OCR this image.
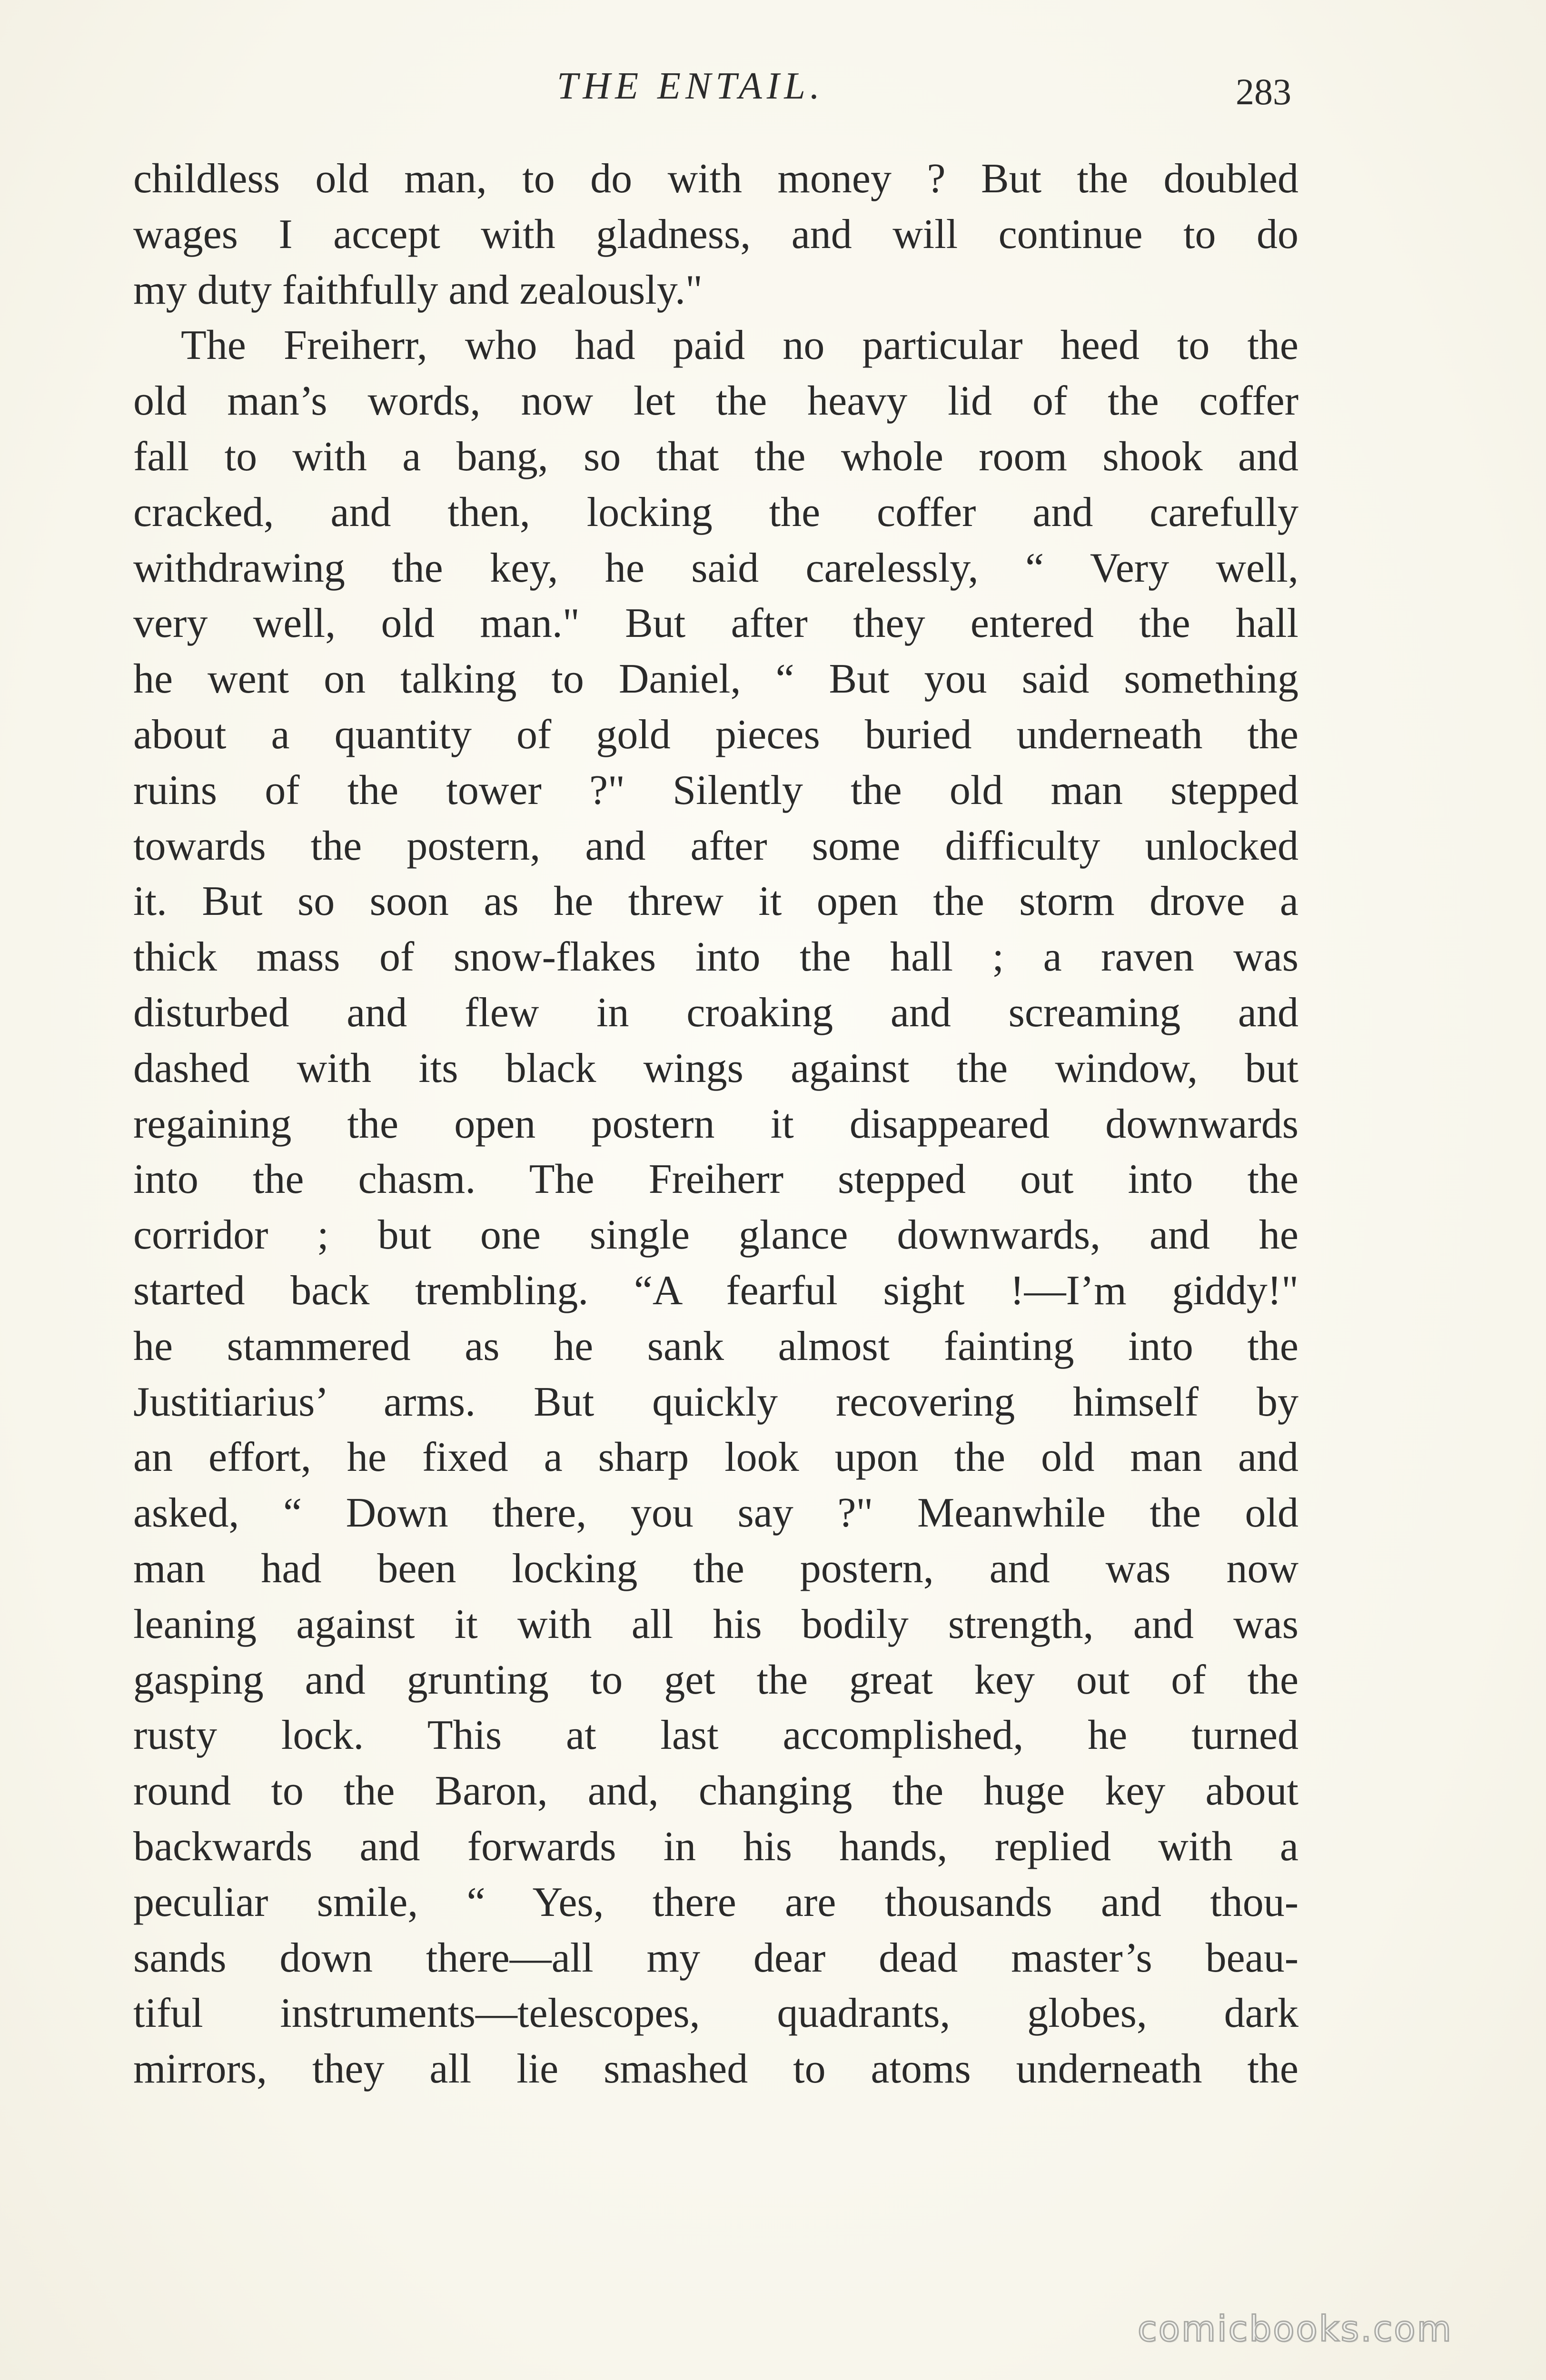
THE ENTAIL.	283
childless old man, to do with money ? But the doubled
wages I accept with gladness, and will continue to do
my duty faithfully and zealously."
The Freiherr, who had paid no particular heed to the
old man’s words, now let the heavy lid of the coffer
fall to with a bang, so that the whole room shook and
cracked, and then, locking the coffer and carefully
withdrawing the key, he said carelessly, “ Very well,
very well, old man." But after they entered the hall
he went on talking to Daniel, “ But you said something
about a quantity of gold pieces buried underneath the
ruins of the tower ?" Silently the old man stepped
towards the postern, and after some difficulty unlocked
it. But so soon as he threw it open the storm drove a
thick mass of snow-flakes into the hall ; a raven was
disturbed and flew in croaking and screaming and
dashed with its black wings against the window, but
regaining the open postern it disappeared downwards
into the chasm. The Freiherr stepped out into the
corridor ; but one single glance downwards, and he
started back trembling. “A fearful sight !—I’m giddy!"
he stammered as he sank almost fainting into the
Justitiarius’ arms. But quickly recovering himself by
an effort, he fixed a sharp look upon the old man and
asked, “ Down there, you say ?" Meanwhile the old
man had been locking the postern, and was now
leaning against it with all his bodily strength, and was
gasping and grunting to get the great key out of the
rusty lock. This at last accomplished, he turned
round to the Baron, and, changing the huge key about
backwards and forwards in his hands, replied with a
peculiar smile, “ Yes, there are thousands and thou-
sands down there—all my dear dead master’s beau-
tiful instruments—telescopes, quadrants, globes, dark
mirrors, they all lie smashed to atoms underneath the
comicbooks.com
